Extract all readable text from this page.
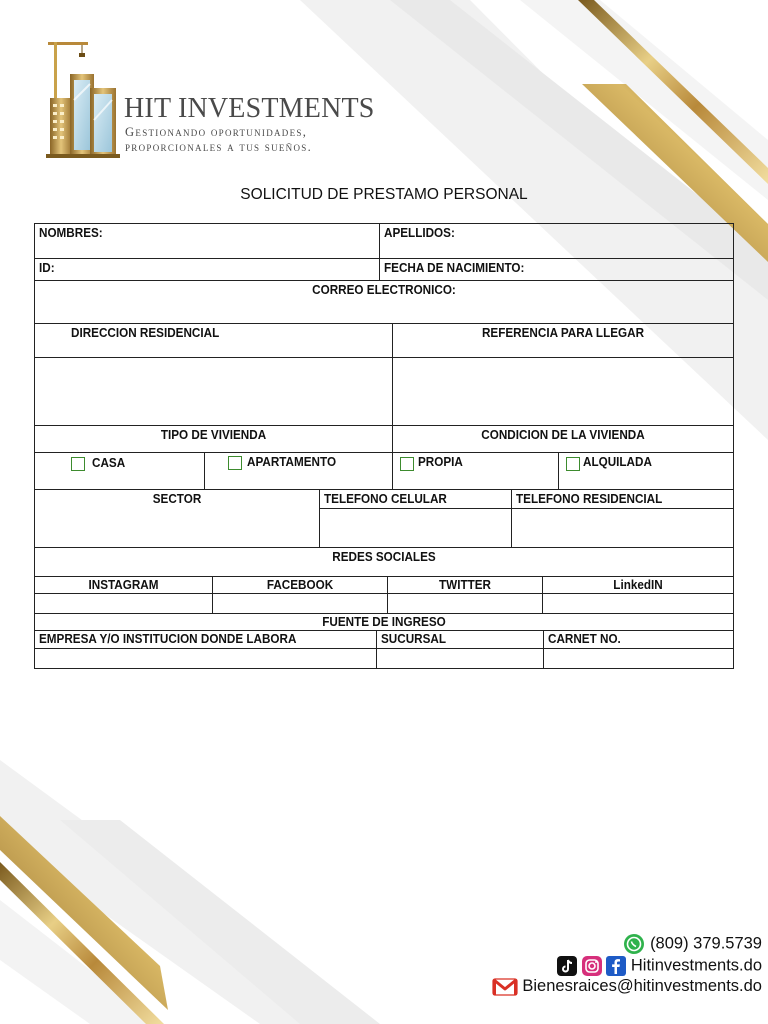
HIT INVESTMENTS
Gestionando oportunidades,
proporcionales a tus sueños.
SOLICITUD DE PRESTAMO PERSONAL
NOMBRES:	APELLIDOS:
ID:	FECHA DE NACIMIENTO:
CORREO ELECTRONICO:
DIRECCION RESIDENCIAL	REFERENCIA PARA LLEGAR
TIPO DE VIVIENDA	CONDICION DE LA VIVIENDA
CASA	APARTAMENTO	PROPIA	ALQUILADA
SECTOR	TELEFONO CELULAR	TELEFONO RESIDENCIAL
REDES SOCIALES
INSTAGRAM	FACEBOOK	TWITTER	LinkedIN
FUENTE DE INGRESO
EMPRESA Y/O INSTITUCION DONDE LABORA	SUCURSAL	CARNET NO.
(809) 379.5739
Hitinvestments.do
Bienesraices@hitinvestments.do
